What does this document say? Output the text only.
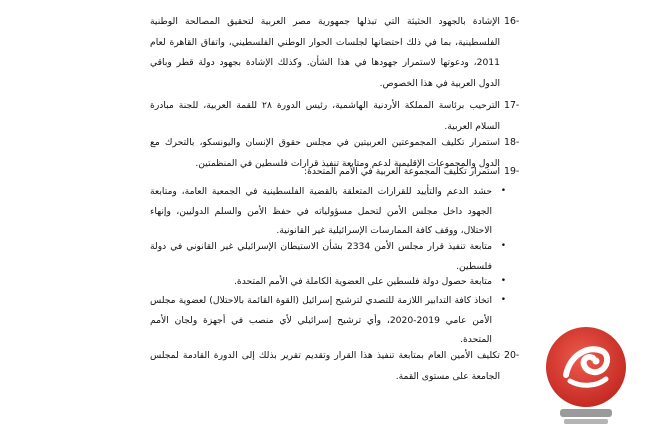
16-

الإشادة بالجهود الحثيثة التي تبذلها جمهورية مصر العربية لتحقيق المصالحة الوطنية الفلسطينية، بما في ذلك احتضانها لجلسات الحوار الوطني الفلسطيني، واتفاق القاهرة لعام 2011، ودعوتها لاستمرار جهودها في هذا الشأن. وكذلك الإشادة بجهود دولة قطر وباقي الدول العربية في هذا الخصوص.

17-

الترحيب برئاسة المملكة الأردنية الهاشمية، رئيس الدورة ٢٨ للقمة العربية، للجنة مبادرة السلام العربية.

18-

استمرار تكليف المجموعتين العربيتين في مجلس حقوق الإنسان واليونسكو، بالتحرك مع الدول والمجموعات الإقليمية لدعم ومتابعة تنفيذ قرارات فلسطين في المنظمتين.

19-

استمرار تكليف المجموعة العربية في الأمم المتحدة:

•

حشد الدعم والتأييد للقرارات المتعلقة بالقضية الفلسطينية في الجمعية العامة، ومتابعة الجهود داخل مجلس الأمن لتحمل مسؤولياته في حفظ الأمن والسلم الدوليين، وإنهاء الاحتلال، ووقف كافة الممارسات الإسرائيلية غير القانونية.

•

متابعة تنفيذ قرار مجلس الأمن 2334 بشأن الاستيطان الإسرائيلي غير القانوني في دولة فلسطين.

•

متابعة حصول دولة فلسطين على العضوية الكاملة في الأمم المتحدة.

•

اتخاذ كافة التدابير اللازمة للتصدي لترشيح إسرائيل (القوة القائمة بالاحتلال) لعضوية مجلس الأمن عامي 2019-2020، وأي ترشيح إسرائيلي لأي منصب في أجهزة ولجان الأمم المتحدة.

20-

تكليف الأمين العام بمتابعة تنفيذ هذا القرار وتقديم تقرير بذلك إلى الدورة القادمة لمجلس الجامعة على مستوى القمة.
